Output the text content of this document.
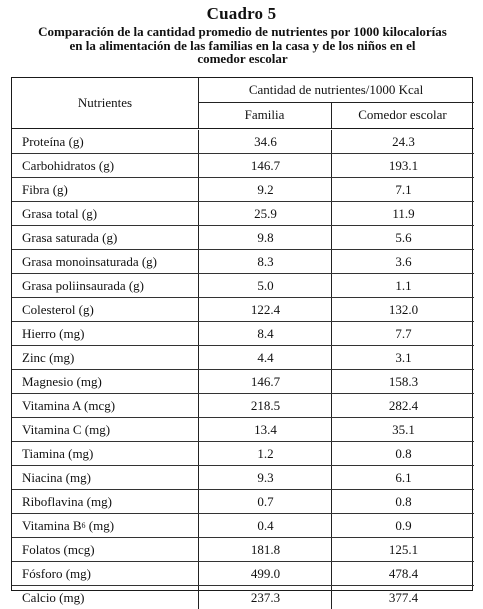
Cuadro 5
Comparación de la cantidad promedio de nutrientes por 1000 kilocalorías
en la alimentación de las familias en la casa y de los niños en el
comedor escolar
Nutrientes
Cantidad de nutrientes/1000 Kcal
Familia	Comedor escolar
Proteína (g)	34.6	24.3
Carbohidratos (g)	146.7	193.1
Fibra (g)	9.2	7.1
Grasa total (g)	25.9	11.9
Grasa saturada (g)	9.8	5.6
Grasa monoinsaturada (g)	8.3	3.6
Grasa poliinsaurada (g)	5.0	1.1
Colesterol (g)	122.4	132.0
Hierro (mg)	8.4	7.7
Zinc (mg)	4.4	3.1
Magnesio (mg)	146.7	158.3
Vitamina A (mcg)	218.5	282.4
Vitamina C (mg)	13.4	35.1
Tiamina (mg)	1.2	0.8
Niacina (mg)	9.3	6.1
Riboflavina (mg)	0.7	0.8
Vitamina B 6 (mg)	0.4	0.9
Folatos (mcg)	181.8	125.1
Fósforo (mg)	499.0	478.4
Calcio (mg)	237.3	377.4
